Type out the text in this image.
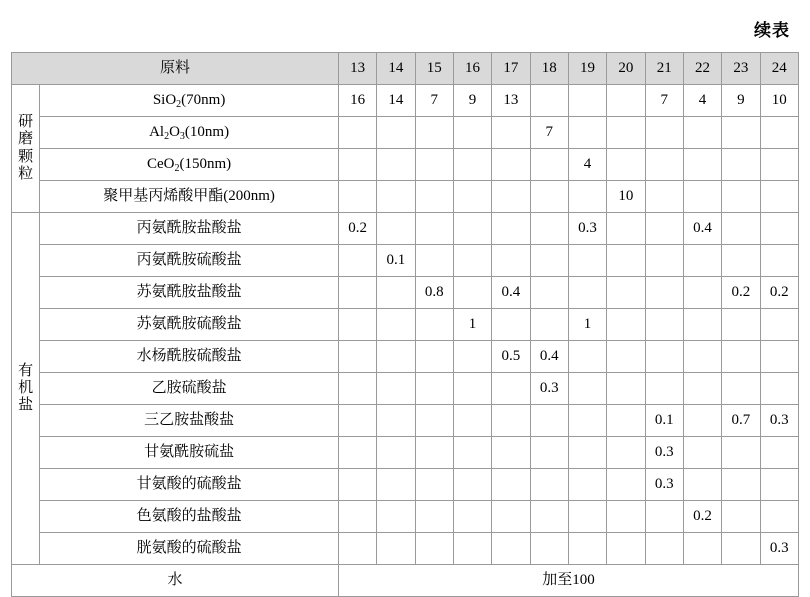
续表
原料		13	14	15	16	17	18	19	20	21	22	23	24

研
磨
颗
粒	SiO$_2$(70nm)	16	14	7	9	13				7	4	9	10
	$Al_2O_3(10nm)$						7						
	CeO$_2$(150nm)							4					
	聚甲基丙烯酸甲酯(200nm)								10				

有
机
盐	丙氨酰胺盐酸盐	0.2						0.3			0.4		
	丙氨酰胺硫酸盐		0.1										
	苏氨酰胺盐酸盐			0.8		0.4						0.2	0.2
	苏氨酰胺硫酸盐				1			1					
	水杨酰胺硫酸盐					0.5	0.4						
	乙胺硫酸盐						0.3						
	三乙胺盐酸盐									0.1		0.7	0.3
	甘氨酰胺硫盐									0.3			
	甘氨酸的硫酸盐									0.3			
	色氨酸的盐酸盐										0.2		
	胱氨酸的硫酸盐												0.3
水		加至100											
